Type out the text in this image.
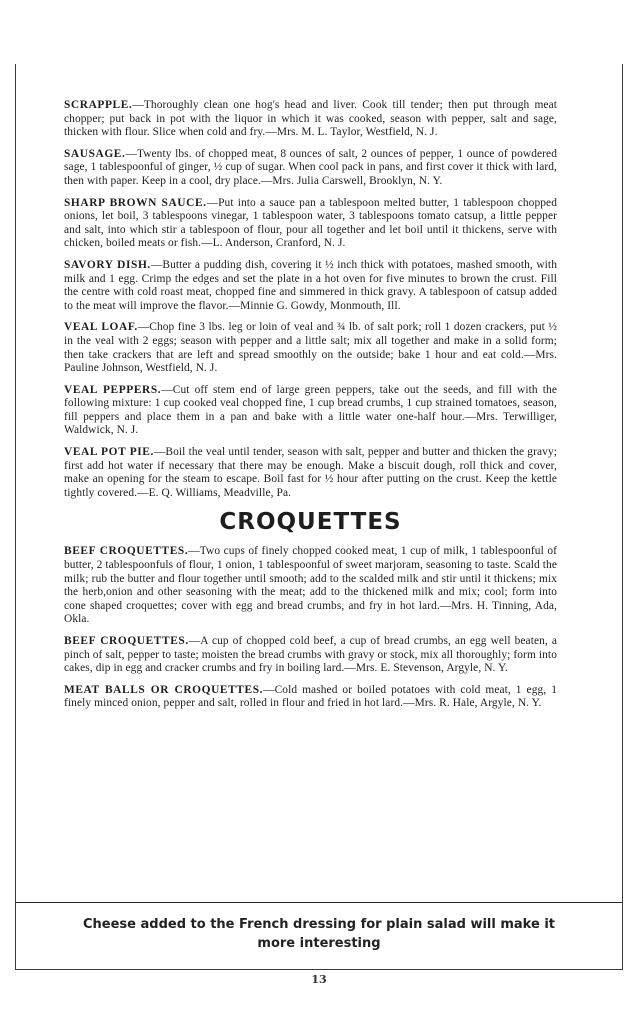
SCRAPPLE.—Thoroughly clean one hog's head and liver. Cook till tender; then put through meat chopper; put back in pot with the liquor in which it was cooked, season with pepper, salt and sage, thicken with flour. Slice when cold and fry.—Mrs. M. L. Taylor, Westfield, N. J.

SAUSAGE.—Twenty lbs. of chopped meat, 8 ounces of salt, 2 ounces of pepper, 1 ounce of powdered sage, 1 tablespoonful of ginger, ½ cup of sugar. When cool pack in pans, and first cover it thick with lard, then with paper. Keep in a cool, dry place.—Mrs. Julia Carswell, Brooklyn, N. Y.

SHARP BROWN SAUCE.—Put into a sauce pan a tablespoon melted butter, 1 tablespoon chopped onions, let boil, 3 tablespoons vinegar, 1 tablespoon water, 3 tablespoons tomato catsup, a little pepper and salt, into which stir a tablespoon of flour, pour all together and let boil until it thickens, serve with chicken, boiled meats or fish.—L. Anderson, Cranford, N. J.

SAVORY DISH.—Butter a pudding dish, covering it ½ inch thick with potatoes, mashed smooth, with milk and 1 egg. Crimp the edges and set the plate in a hot oven for five minutes to brown the crust. Fill the centre with cold roast meat, chopped fine and simmered in thick gravy. A tablespoon of catsup added to the meat will improve the flavor.—Minnie G. Gowdy, Monmouth, Ill.

VEAL LOAF.—Chop fine 3 lbs. leg or loin of veal and ¾ lb. of salt pork; roll 1 dozen crackers, put ½ in the veal with 2 eggs; season with pepper and a little salt; mix all together and make in a solid form; then take crackers that are left and spread smoothly on the outside; bake 1 hour and eat cold.—Mrs. Pauline Johnson, Westfield, N. J.

VEAL PEPPERS.—Cut off stem end of large green peppers, take out the seeds, and fill with the following mixture: 1 cup cooked veal chopped fine, 1 cup bread crumbs, 1 cup strained tomatoes, season, fill peppers and place them in a pan and bake with a little water one-half hour.—Mrs. Terwilliger, Waldwick, N. J.

VEAL POT PIE.—Boil the veal until tender, season with salt, pepper and butter and thicken the gravy; first add hot water if necessary that there may be enough. Make a biscuit dough, roll thick and cover, make an opening for the steam to escape. Boil fast for ½ hour after putting on the crust. Keep the kettle tightly covered.—E. Q. Williams, Meadville, Pa.

CROQUETTES

BEEF CROQUETTES.—Two cups of finely chopped cooked meat, 1 cup of milk, 1 tablespoonful of butter, 2 tablespoonfuls of flour, 1 onion, 1 tablespoonful of sweet marjoram, seasoning to taste. Scald the milk; rub the butter and flour together until smooth; add to the scalded milk and stir until it thickens; mix the herb,onion and other seasoning with the meat; add to the thickened milk and mix; cool; form into cone shaped croquettes; cover with egg and bread crumbs, and fry in hot lard.—Mrs. H. Tinning, Ada, Okla.

BEEF CROQUETTES.—A cup of chopped cold beef, a cup of bread crumbs, an egg well beaten, a pinch of salt, pepper to taste; moisten the bread crumbs with gravy or stock, mix all thoroughly; form into cakes, dip in egg and cracker crumbs and fry in boiling lard.—Mrs. E. Stevenson, Argyle, N. Y.

MEAT BALLS OR CROQUETTES.—Cold mashed or boiled potatoes with cold meat, 1 egg, 1 finely minced onion, pepper and salt, rolled in flour and fried in hot lard.—Mrs. R. Hale, Argyle, N. Y.

Cheese added to the French dressing for plain salad will make it
more interesting
13
